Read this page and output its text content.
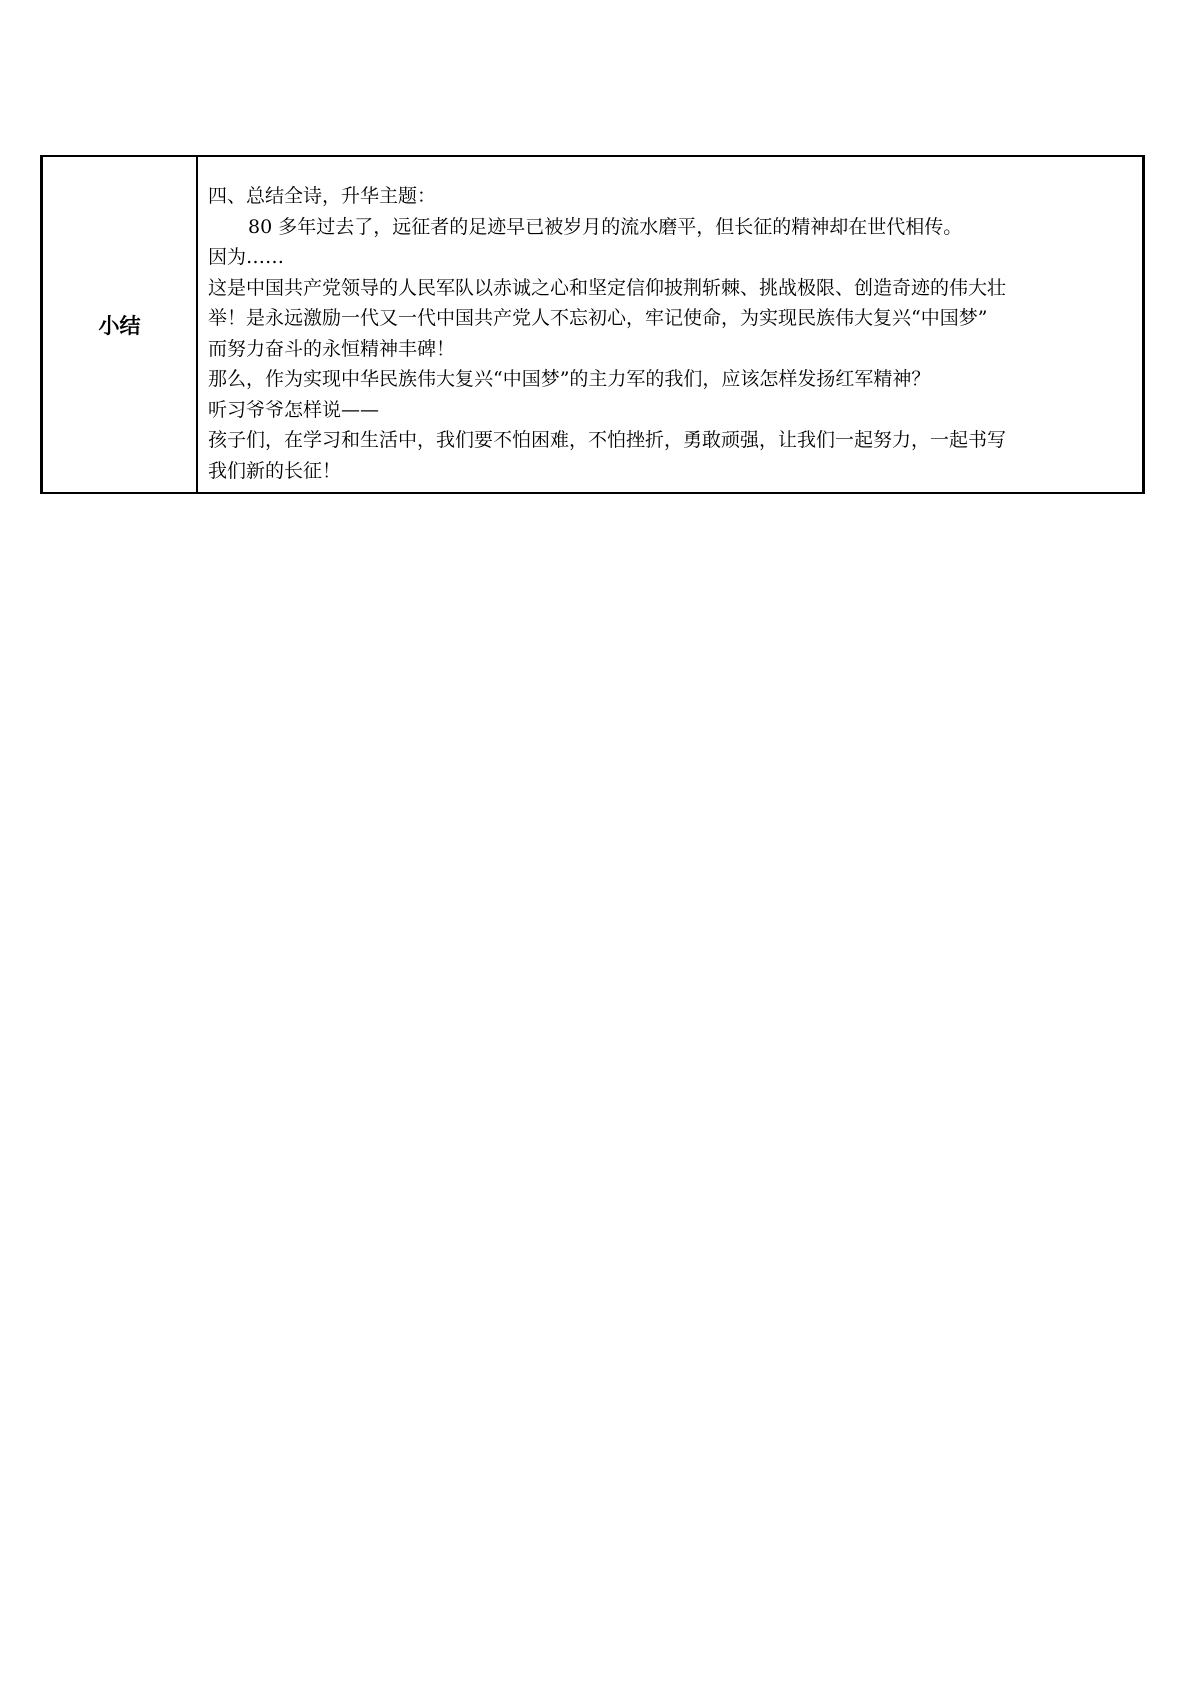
小结	
四、总结全诗，升华主题：
80 多年过去了，远征者的足迹早已被岁月的流水磨平，但长征的精神却在世代相传。
因为……
这是中国共产党领导的人民军队以赤诚之心和坚定信仰披荆斩棘、挑战极限、创造奇迹的伟大壮
举！是永远激励一代又一代中国共产党人不忘初心，牢记使命，为实现民族伟大复兴“中国梦”
而努力奋斗的永恒精神丰碑！
那么，作为实现中华民族伟大复兴“中国梦”的主力军的我们，应该怎样发扬红军精神？
听习爷爷怎样说——
孩子们，在学习和生活中，我们要不怕困难，不怕挫折，勇敢顽强，让我们一起努力，一起书写
我们新的长征！
